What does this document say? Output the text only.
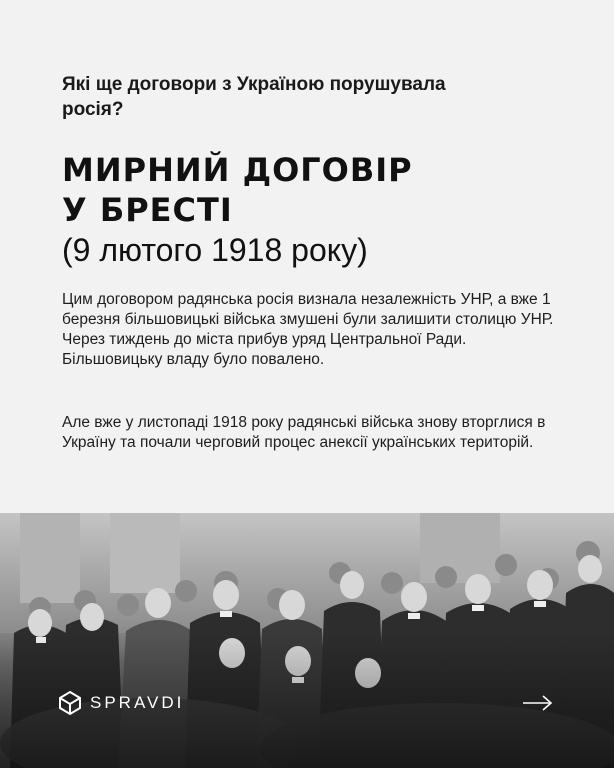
Які ще договори з Україною порушувала росія?
МИРНИЙ ДОГОВІР
У БРЕСТІ
(9 лютого 1918 року)
Цим договором радянська росія визнала незалежність УНР, а вже 1 березня більшовицькі війська змушені були залишити столицю УНР. Через тиждень до міста прибув уряд Центральної Ради. Більшовицьку владу було повалено.
Але вже у листопаді 1918 року радянські війська знову вторглися в Україну та почали черговий процес анексії українських територій.
SPRAVDI
